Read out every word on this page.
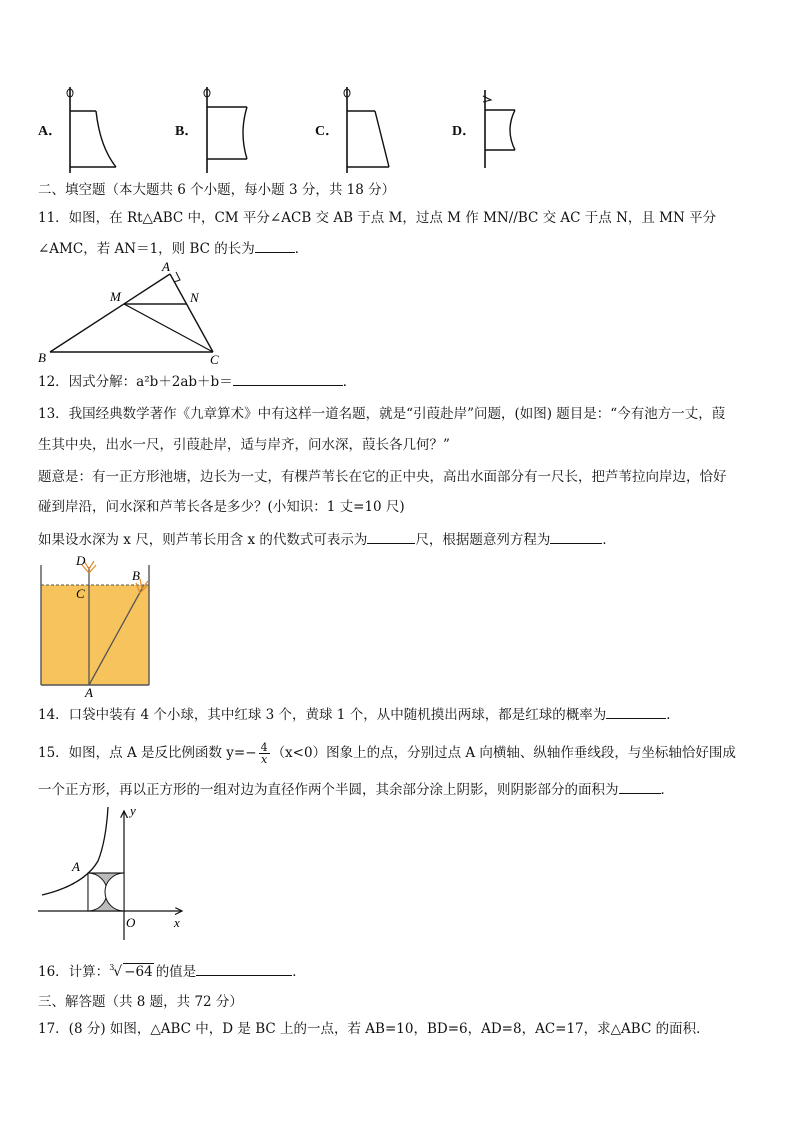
A．	B．	C．	D．
二、填空题（本大题共 6 个小题，每小题 3 分，共 18 分）
11．如图，在 Rt△ABC 中，CM 平分∠ACB 交 AB 于点 M，过点 M 作 MN//BC 交 AC 于点 N，且 MN 平分
∠AMC，若 AN＝1，则 BC 的长为	．
A
M	N
B	C
12．因式分解：a²b＋2ab＋b＝	．
13．我国经典数学著作《九章算术》中有这样一道名题，就是“引葭赴岸”问题，(如图) 题目是：“今有池方一丈，葭
生其中央，出水一尺，引葭赴岸，适与岸齐，问水深，葭长各几何？”
题意是：有一正方形池塘，边长为一丈，有棵芦苇长在它的正中央，高出水面部分有一尺长，把芦苇拉向岸边，恰好
碰到岸沿，问水深和芦苇长各是多少？(小知识：1 丈=10 尺)
如果设水深为 x 尺，则芦苇长用含 x 的代数式可表示为	尺，根据题意列方程为	．
D
B
C
A
14．口袋中装有 4 个小球，其中红球 3 个，黄球 1 个，从中随机摸出两球，都是红球的概率为	．
15．如图，点 A 是反比例函数 $y=- \frac{4}{x} (x<0)$图象上的点，分别过点 A 向横轴、纵轴作垂线段，与坐标轴恰好围成
一个正方形，再以正方形的一组对边为直径作两个半圆，其余部分涂上阴影，则阴影部分的面积为	．
y
A
O	x
16．计算： 3
√ −64 的值是	．
三、解答题（共 8 题，共 72 分）
17．(8 分) 如图，△ABC 中，D 是 BC 上的一点，若 AB=10，BD=6，AD=8，AC=17，求△ABC 的面积．
